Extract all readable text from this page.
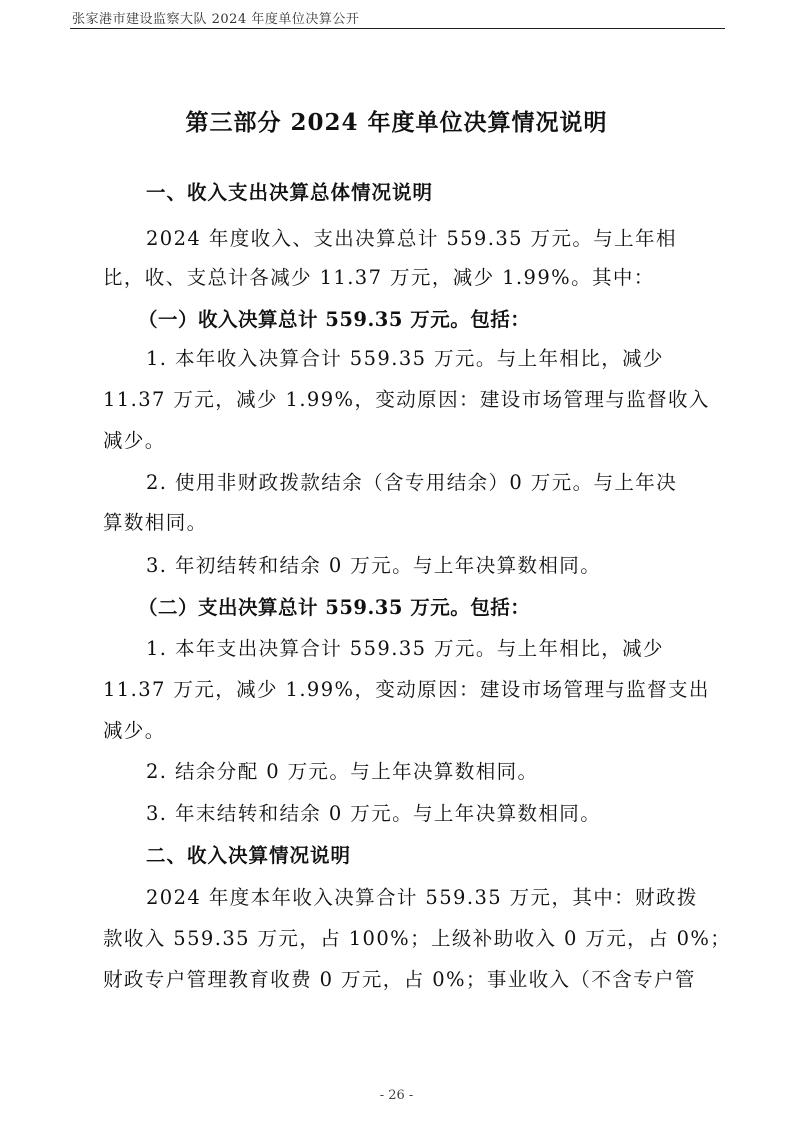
张家港市建设监察大队 2024 年度单位决算公开
第三部分 2024 年度单位决算情况说明
一、收入支出决算总体情况说明
2024 年度收入、支出决算总计 559.35 万元。与上年相
比，收、支总计各减少 11.37 万元，减少 1.99%。其中：
（一）收入决算总计 559.35 万元。包括：
1. 本年收入决算合计 559.35 万元。与上年相比，减少
11.37 万元，减少 1.99%，变动原因：建设市场管理与监督收入
减少。
2. 使用非财政拨款结余（含专用结余）0 万元。与上年决
算数相同。
3. 年初结转和结余 0 万元。与上年决算数相同。
（二）支出决算总计 559.35 万元。包括：
1. 本年支出决算合计 559.35 万元。与上年相比，减少
11.37 万元，减少 1.99%，变动原因：建设市场管理与监督支出
减少。
2. 结余分配 0 万元。与上年决算数相同。
3. 年末结转和结余 0 万元。与上年决算数相同。
二、收入决算情况说明
2024 年度本年收入决算合计 559.35 万元，其中：财政拨
款收入 559.35 万元，占 100%；上级补助收入 0 万元，占 0%；
财政专户管理教育收费 0 万元，占 0%；事业收入（不含专户管
- 26 -
